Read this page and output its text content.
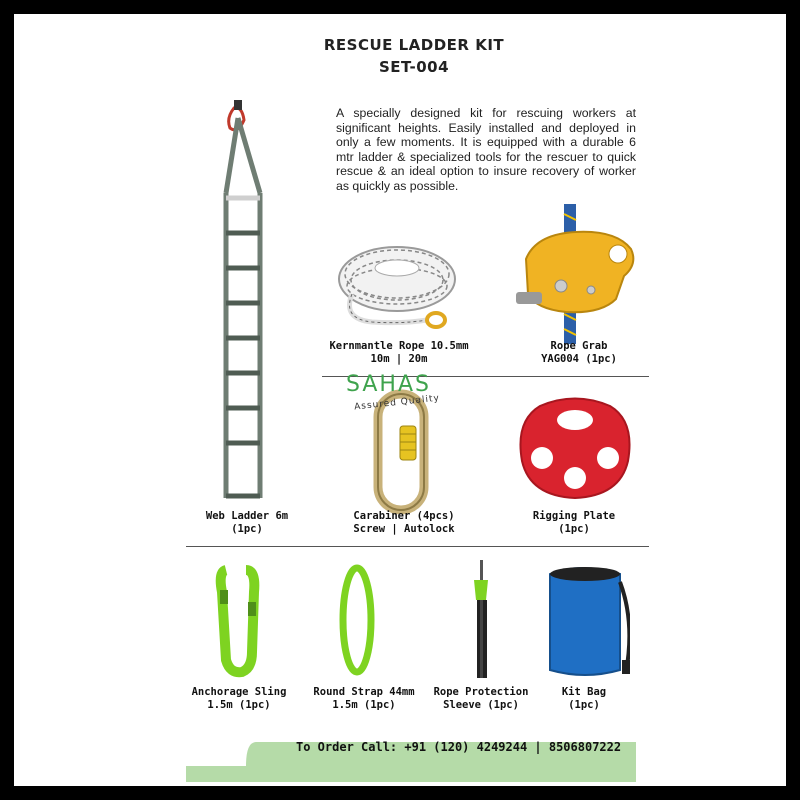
RESCUE LADDER KIT
SET-004
A specially designed kit for rescuing workers at significant heights. Easily installed and deployed in only a few moments. It is equipped with a durable 6 mtr ladder & specialized tools for the rescuer to quick rescue & an ideal option to insure recovery of worker as quickly as possible.
Web Ladder 6m
(1pc)
Kernmantle Rope 10.5mm
10m | 20m
Rope Grab
YAG004 (1pc)
SAHAS
Assured Quality
Carabiner (4pcs)
Screw | Autolock
Rigging Plate
(1pc)
Anchorage Sling
1.5m (1pc)
Round Strap 44mm
1.5m (1pc)
Rope Protection
Sleeve (1pc)
Kit Bag
(1pc)
To Order Call: +91 (120) 4249244 | 8506807222
